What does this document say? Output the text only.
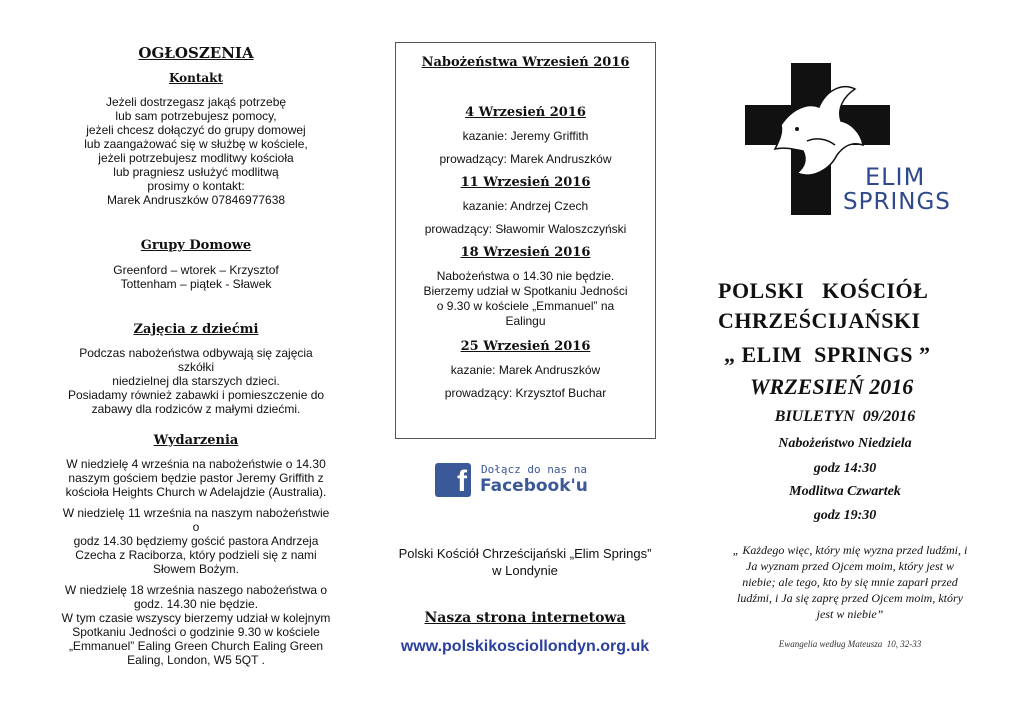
OGŁOSZENIA
Kontakt

Jeżeli dostrzegasz jakąś potrzebę

lub sam potrzebujesz pomocy,

jeżeli chcesz dołączyć do grupy domowej

lub zaangażować się w służbę w kościele,

jeżeli potrzebujesz modlitwy kościoła

lub pragniesz usłużyć modlitwą

prosimy o kontakt:

Marek Andruszków 07846977638

Grupy Domowe

Greenford – wtorek – Krzysztof

Tottenham – piątek - Sławek

Zajęcia z dziećmi

Podczas nabożeństwa odbywają się zajęcia szkółki

niedzielnej dla starszych dzieci.

Posiadamy również zabawki i pomieszczenie do

zabawy dla rodziców z małymi dziećmi.

Wydarzenia

W niedzielę 4 września na nabożeństwie o 14.30

naszym gościem będzie pastor Jeremy Griffith z

kościoła Heights Church w Adelajdzie (Australia).

W niedzielę 11 września na naszym nabożeństwie o

godz 14.30 będziemy gościć pastora Andrzeja

Czecha z Raciborza, który podzieli się z nami

Słowem Bożym.

W niedzielę 18 września naszego nabożeństwa o

godz. 14.30 nie będzie.

W tym czasie wszyscy bierzemy udział w kolejnym

Spotkaniu Jedności o godzinie 9.30 w kościele

„Emmanuel” Ealing Green Church Ealing Green

Ealing, London, W5 5QT .

Nabożeństwa Wrzesień 2016
4 Wrzesień 2016
kazanie: Jeremy Griffith
prowadzący: Marek Andruszków
11 Wrzesień 2016
kazanie: Andrzej Czech
prowadzący: Sławomir Waloszczyński
18 Wrzesień 2016
Nabożeństwa o 14.30 nie będzie.
Bierzemy udział w Spotkaniu Jedności
o 9.30 w kościele „Emmanuel” na
Ealingu
25 Wrzesień 2016
kazanie: Marek Andruszków
prowadzący: Krzysztof Buchar
f	Dołącz do nas na
Facebook'u
Polski Kościół Chrześcijański „Elim Springs”
w Londynie
Nasza strona internetowa
www.polskikosciollondyn.org.uk
ELIM
SPRINGS
POLSKI   KOŚCIÓŁ
CHRZEŚCIJAŃSKI
„ ELIM  SPRINGS ”
WRZESIEŃ 2016
BIULETYN  09/2016
Nabożeństwo Niedziela
godz 14:30
Modlitwa Czwartek
godz 19:30
„ Każdego więc, który mię wyzna przed ludźmi, i
Ja wyznam przed Ojcem moim, który jest w
niebie; ale tego, kto by się mnie zaparł przed
ludźmi, i Ja się zaprę przed Ojcem moim, który
jest w niebie”
Ewangelia według Mateusza  10, 32-33
